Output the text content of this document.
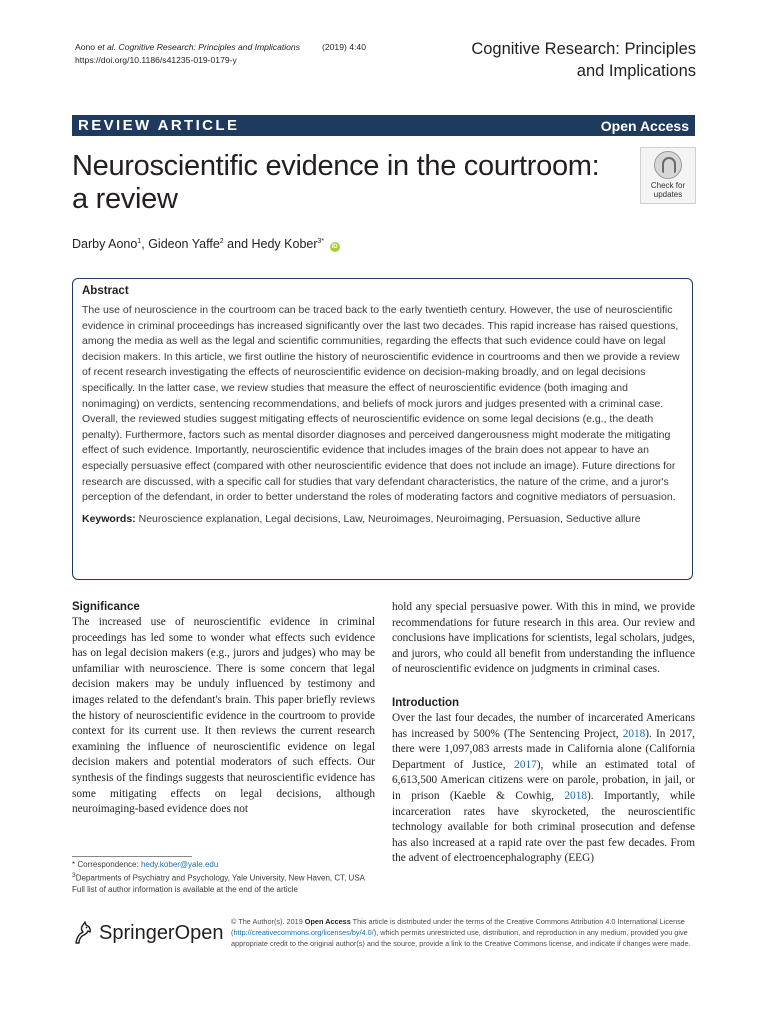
Aono et al. Cognitive Research: Principles and Implications	(2019) 4:40
https://doi.org/10.1186/s41235-019-0179-y
Cognitive Research: Principles
and Implications
REVIEW ARTICLE	Open Access
Neuroscientific evidence in the courtroom:
a review	Check for
updates
Darby Aono$^1$, Gideon Yaffe$^2$ and Hedy Kober$^{3*}$ iD
Abstract

The use of neuroscience in the courtroom can be traced back to the early twentieth century. However, the use of neuroscientific evidence in criminal proceedings has increased significantly over the last two decades. This rapid increase has raised questions, among the media as well as the legal and scientific communities, regarding the effects that such evidence could have on legal decision makers. In this article, we first outline the history of neuroscientific evidence in courtrooms and then we provide a review of recent research investigating the effects of neuroscientific evidence on decision-making broadly, and on legal decisions specifically. In the latter case, we review studies that measure the effect of neuroscientific evidence (both imaging and nonimaging) on verdicts, sentencing recommendations, and beliefs of mock jurors and judges presented with a criminal case. Overall, the reviewed studies suggest mitigating effects of neuroscientific evidence on some legal decisions (e.g., the death penalty). Furthermore, factors such as mental disorder diagnoses and perceived dangerousness might moderate the mitigating effect of such evidence. Importantly, neuroscientific evidence that includes images of the brain does not appear to have an especially persuasive effect (compared with other neuroscientific evidence that does not include an image). Future directions for research are discussed, with a specific call for studies that vary defendant characteristics, the nature of the crime, and a juror's perception of the defendant, in order to better understand the roles of moderating factors and cognitive mediators of persuasion.

Keywords: Neuroscience explanation, Legal decisions, Law, Neuroimages, Neuroimaging, Persuasion, Seductive allure

Significance

The increased use of neuroscientific evidence in criminal proceedings has led some to wonder what effects such evidence has on legal decision makers (e.g., jurors and judges) who may be unfamiliar with neuroscience. There is some concern that legal decision makers may be unduly influenced by testimony and images related to the defendant's brain. This paper briefly reviews the history of neuroscientific evidence in the courtroom to provide context for its current use. It then reviews the current research examining the influence of neuroscientific evidence on legal decision makers and potential moderators of such effects. Our synthesis of the findings suggests that neuroscientific evidence has some mitigating effects on legal decisions, although neuroimaging-based evidence does not

hold any special persuasive power. With this in mind, we provide recommendations for future research in this area. Our review and conclusions have implications for scientists, legal scholars, judges, and jurors, who could all benefit from understanding the influence of neuroscientific evidence on judgments in criminal cases.

Introduction

Over the last four decades, the number of incarcerated Americans has increased by 500% (The Sentencing Project, 2018). In 2017, there were 1,097,083 arrests made in California alone (California Department of Justice, 2017), while an estimated total of 6,613,500 American citizens were on parole, probation, in jail, or in prison (Kaeble & Cowhig, 2018). Importantly, while incarceration rates have skyrocketed, the neuroscientific technology available for both criminal prosecution and defense has also increased at a rapid rate over the past few decades. From the advent of electroencephalography (EEG)

* Correspondence: hedy.kober@yale.edu

$^3$Departments of Psychiatry and Psychology, Yale University, New Haven, CT, USA

Full list of author information is available at the end of the article

SpringerOpen
© The Author(s). 2019 Open Access This article is distributed under the terms of the Creative Commons Attribution 4.0 International License (http://creativecommons.org/licenses/by/4.0/), which permits unrestricted use, distribution, and reproduction in any medium, provided you give appropriate credit to the original author(s) and the source, provide a link to the Creative Commons license, and indicate if changes were made.
